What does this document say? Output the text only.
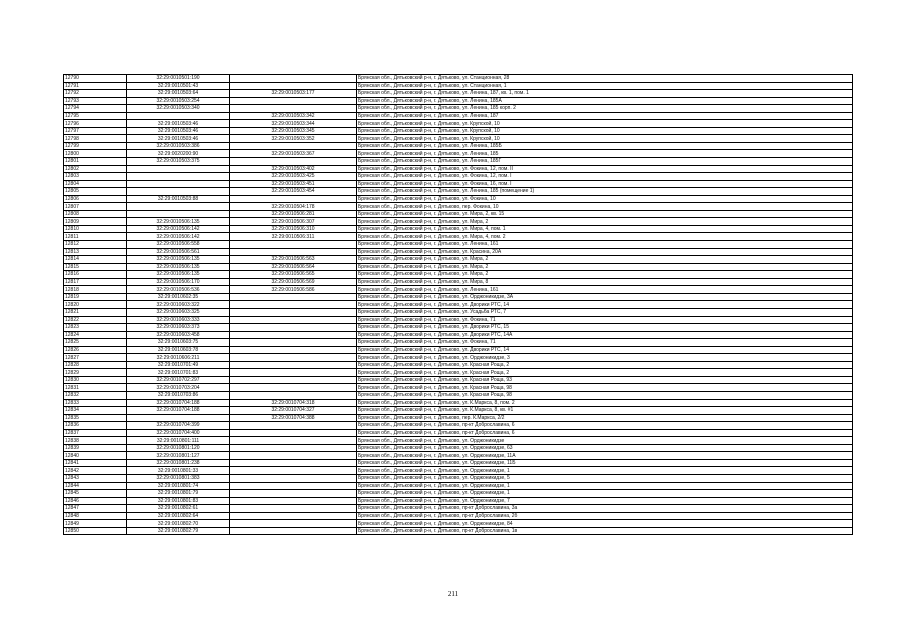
12790	32:29:0010501:190		Брянская обл., Дятьковский р-н, г. Дятьково, ул. Станционная, 28
12791	32:29:0010501:43		Брянская обл., Дятьковский р-н, г. Дятьково, ул. Станционная, 1
12792	32:29:0010503:64	32:29:0010503:177	Брянская обл., Дятьковский р-н, г. Дятьково, ул. Ленина, 187, кв. 1, пом. 1
12793	32:29:0010503:254		Брянская обл., Дятьковский р-н, г. Дятьково, ул. Ленина, 185А
12794	32:29:0010503:340		Брянская обл., Дятьковский р-н, г. Дятьково, ул. Ленина, 185 корп. 2
12795		32:29:0010503:342	Брянская обл., Дятьковский р-н, г. Дятьково, ул. Ленина, 187
12796	32:29:0010503:46	32:29:0010503:344	Брянская обл., Дятьковский р-н, г. Дятьково, ул. Крупской, 10
12797	32:29:0010503:46	32:29:0010503:345	Брянская обл., Дятьковский р-н, г. Дятьково, ул. Крупской, 10
12798	32:29:0010503:46	32:29:0010503:352	Брянская обл., Дятьковский р-н, г. Дятьково, ул. Крупской, 10
12799	32:29:0010503:386		Брянская обл., Дятьковский р-н, г. Дятьково, ул. Ленина, 185Б
12800	32:29:0020200:90	32:29:0010503:367	Брянская обл., Дятьковский р-н, г. Дятьково, ул. Ленина, 185
12801	32:29:0010503:375		Брянская обл., Дятьковский р-н, г. Дятьково, ул. Ленина, 185Г
12802		32:29:0010503:402	Брянская обл., Дятьковский р-н, г. Дятьково, ул. Фокина, 12, пом. II
12803		32:29:0010503:425	Брянская обл., Дятьковский р-н, г. Дятьково, ул. Фокина, 12, пом. I
12804		32:29:0010503:451	Брянская обл., Дятьковский р-н, г. Дятьково, ул. Фокина, 16, пом. I
12805		32:29:0010503:454	Брянская обл., Дятьковский р-н, г. Дятьково, ул. Ленина, 185 (помещение 1)
12806	32:29:0010503:88		Брянская обл., Дятьковский р-н, г. Дятьково, ул. Фокина, 10
12807		32:29:0010504:178	Брянская обл., Дятьковский р-н, г. Дятьково, пер. Фокина, 10
12808		32:29:0010506:281	Брянская обл., Дятьковский р-н, г. Дятьково, ул. Мира, 2, кв. 15
12809	32:29:0010506:135	32:29:0010506:307	Брянская обл., Дятьковский р-н, г. Дятьково, ул. Мира, 2
12810	32:29:0010506:142	32:29:0010506:310	Брянская обл., Дятьковский р-н, г. Дятьково, ул. Мира, 4, пом. 1
12811	32:29:0010506:142	32:29:0010506:311	Брянская обл., Дятьковский р-н, г. Дятьково, ул. Мира, 4, пом. 2
12812	32:29:0010506:558		Брянская обл., Дятьковский р-н, г. Дятьково, ул. Ленина, 161
12813	32:29:0010506:561		Брянская обл., Дятьковский р-н, г. Дятьково, ул. Красина, 20А
12814	32:29:0010506:135	32:29:0010506:563	Брянская обл., Дятьковский р-н, г. Дятьково, ул. Мира, 2
12815	32:29:0010506:135	32:29:0010506:564	Брянская обл., Дятьковский р-н, г. Дятьково, ул. Мира, 2
12816	32:29:0010506:135	32:29:0010506:565	Брянская обл., Дятьковский р-н, г. Дятьково, ул. Мира, 2
12817	32:29:0010506:170	32:29:0010506:569	Брянская обл., Дятьковский р-н, г. Дятьково, ул. Мира, 8
12818	32:29:0010506:536	32:29:0010506:586	Брянская обл., Дятьковский р-н, г. Дятьково, ул. Ленина, 161
12819	32:29:0010602:35		Брянская обл., Дятьковский р-н, г. Дятьково, ул. Орджоникидзе, 3А
12820	32:29:0010603:322		Брянская обл., Дятьковский р-н, г. Дятьково, ул. Дворики РТС, 14
12821	32:29:0010603:325		Брянская обл., Дятьковский р-н, г. Дятьково, ул. Усадьба РТС, 7
12822	32:29:0010603:333		Брянская обл., Дятьковский р-н, г. Дятьково, ул. Фокина, 71
12823	32:29:0010603:373		Брянская обл., Дятьковский р-н, г. Дятьково, ул. Дворики РТС, 15
12824	32:29:0010603:458		Брянская обл., Дятьковский р-н, г. Дятьково, ул. Дворики РТС, 14А
12825	32:29:0010603:75		Брянская обл., Дятьковский р-н, г. Дятьково, ул. Фокина, 71
12826	32:29:0010603:78		Брянская обл., Дятьковский р-н, г. Дятьково, ул. Дворики РТС, 14
12827	32:29:0010606:211		Брянская обл., Дятьковский р-н, г. Дятьково, ул. Орджоникидзе, 3
12828	32:29:0010701:49		Брянская обл., Дятьковский р-н, г. Дятьково, ул. Красная Роща, 2
12829	32:29:0010701:83		Брянская обл., Дятьковский р-н, г. Дятьково, ул. Красная Роща, 2
12830	32:29:0010702:297		Брянская обл., Дятьковский р-н, г. Дятьково, ул. Красная Роща, 93
12831	32:29:0010703:204		Брянская обл., Дятьковский р-н, г. Дятьково, ул. Красная Роща, 98
12832	32:29:0010703:86		Брянская обл., Дятьковский р-н, г. Дятьково, ул. Красная Роща, 98
12833	32:29:0010704:188	32:29:0010704:318	Брянская обл., Дятьковский р-н, г. Дятьково, ул. К.Маркса, 8, пом. 2
12834	32:29:0010704:188	32:29:0010704:327	Брянская обл., Дятьковский р-н, г. Дятьково, ул. К.Маркса, 8, кв. #1
12835		32:29:0010704:388	Брянская обл., Дятьковский р-н, г. Дятьково, пер. К.Маркса, 2/2
12836	32:29:0010704:399		Брянская обл., Дятьковский р-н, г. Дятьково, пр-кт Доброславина, 6
12837	32:29:0010704:400		Брянская обл., Дятьковский р-н, г. Дятьково, пр-кт Доброславина, 6
12838	32:29:0010801:111		Брянская обл., Дятьковский р-н, г. Дятьково, ул. Орджоникидзе
12839	32:29:0010801:120		Брянская обл., Дятьковский р-н, г. Дятьково, ул. Орджоникидзе, 63
12840	32:29:0010801:127		Брянская обл., Дятьковский р-н, г. Дятьково, ул. Орджоникидзе, 11А
12841	32:29:0010801:238		Брянская обл., Дятьковский р-н, г. Дятьково, ул. Орджоникидзе, 11Б
12842	32:29:0010801:33		Брянская обл., Дятьковский р-н, г. Дятьково, ул. Орджоникидзе, 1
12843	32:29:0010801:383		Брянская обл., Дятьковский р-н, г. Дятьково, ул. Орджоникидзе, 5
12844	32:29:0010801:74		Брянская обл., Дятьковский р-н, г. Дятьково, ул. Орджоникидзе, 1
12845	32:29:0010801:79		Брянская обл., Дятьковский р-н, г. Дятьково, ул. Орджоникидзе, 1
12846	32:29:0010801:83		Брянская обл., Дятьковский р-н, г. Дятьково, ул. Орджоникидзе, 7
12847	32:29:0010802:61		Брянская обл., Дятьковский р-н, г. Дятьково, пр-кт Доброславина, 3а
12848	32:29:0010802:64		Брянская обл., Дятьковский р-н, г. Дятьково, пр-кт Доброславина, 2б
12849	32:29:0010802:70		Брянская обл., Дятьковский р-н, г. Дятьково, ул. Орджоникидзе, 84
12850	32:29:0010802:79		Брянская обл., Дятьковский р-н, г. Дятьково, пр-кт Доброславина, 1в
211
